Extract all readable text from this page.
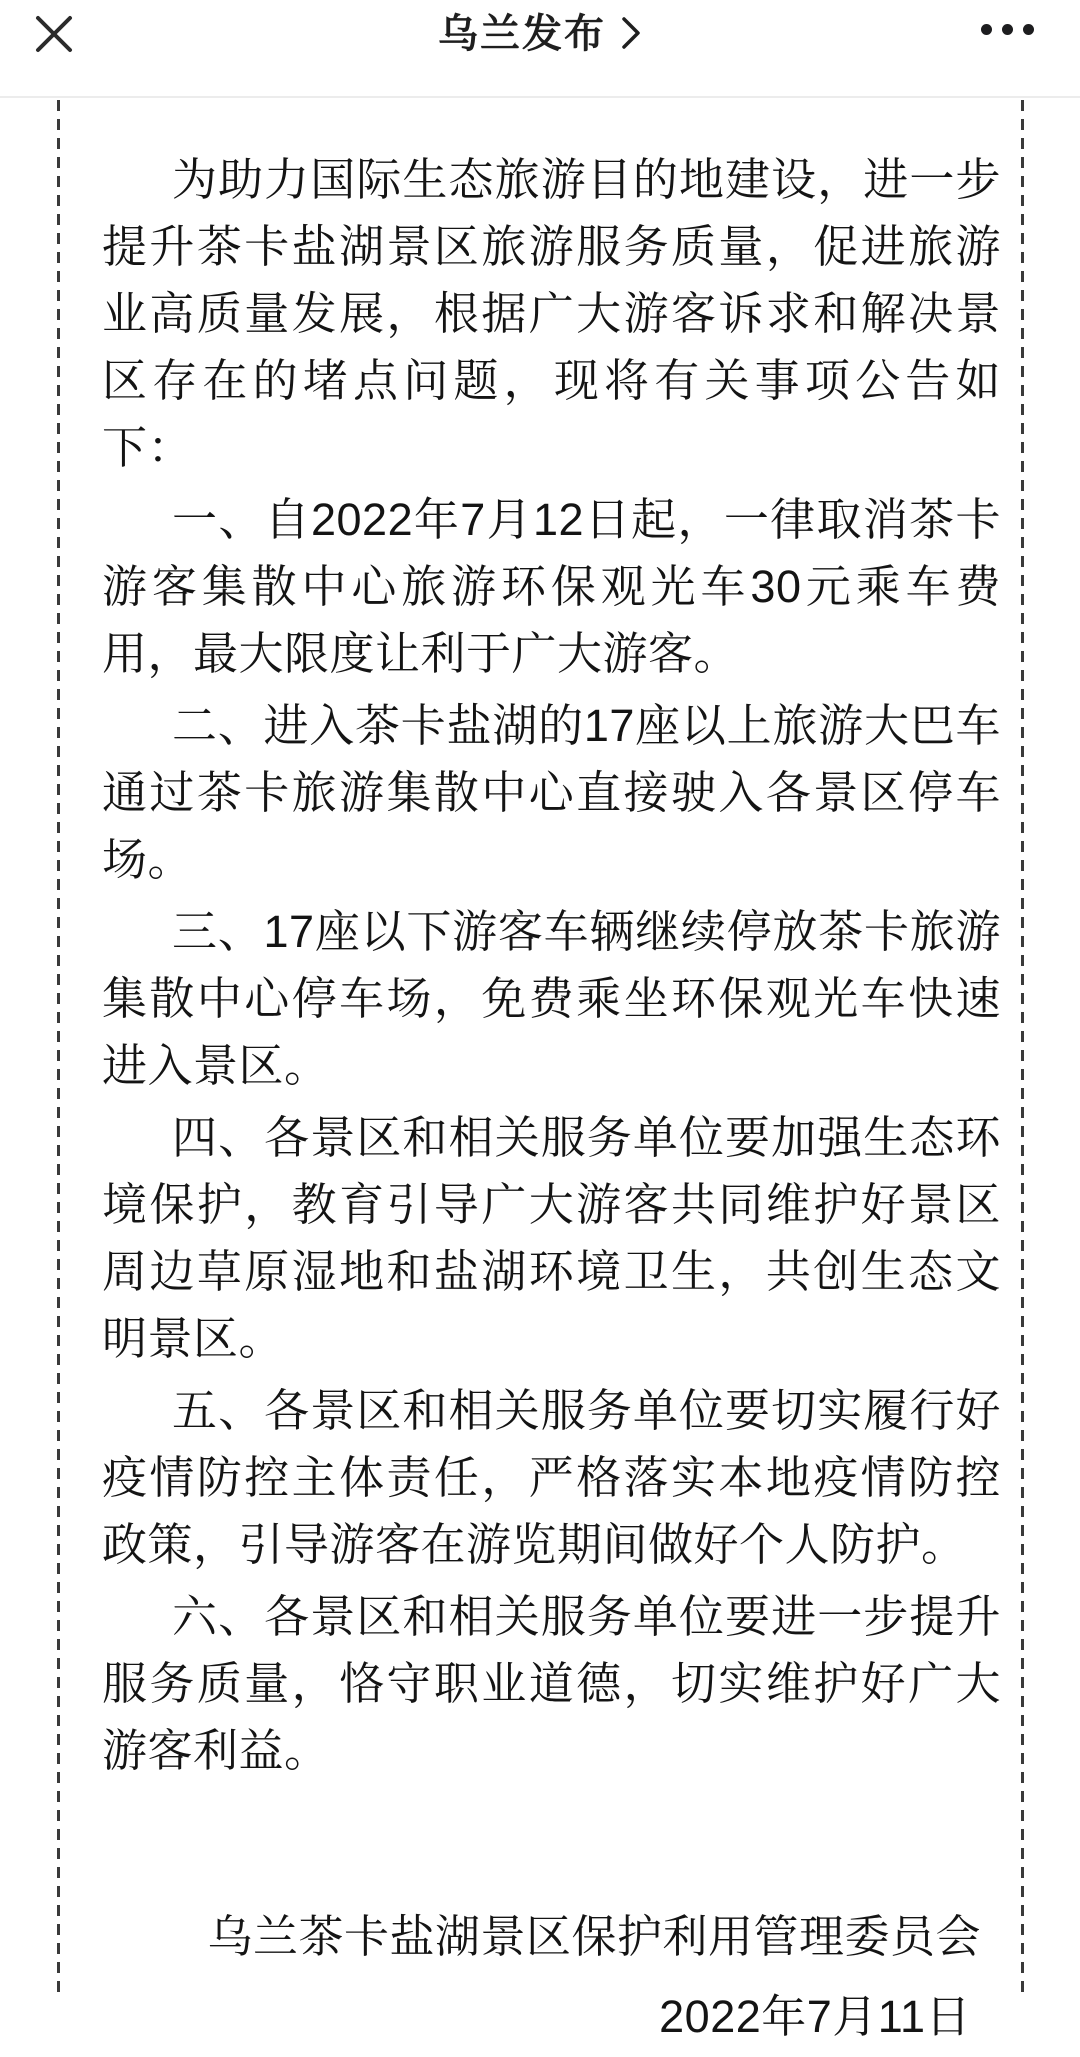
乌兰发布

为助力国际生态旅游目的地建设，进一步提升茶卡盐湖景区旅游服务质量，促进旅游业高质量发展，根据广大游客诉求和解决景区存在的堵点问题，现将有关事项公告如下：

一、自2022年7月12日起，一律取消茶卡游客集散中心旅游环保观光车30元乘车费用，最大限度让利于广大游客。

二、进入茶卡盐湖的17座以上旅游大巴车通过茶卡旅游集散中心直接驶入各景区停车场。

三、17座以下游客车辆继续停放茶卡旅游集散中心停车场，免费乘坐环保观光车快速进入景区。

四、各景区和相关服务单位要加强生态环境保护，教育引导广大游客共同维护好景区周边草原湿地和盐湖环境卫生，共创生态文明景区。

五、各景区和相关服务单位要切实履行好疫情防控主体责任，严格落实本地疫情防控政策，引导游客在游览期间做好个人防护。

六、各景区和相关服务单位要进一步提升服务质量，恪守职业道德，切实维护好广大游客利益。

乌兰茶卡盐湖景区保护利用管理委员会

2022年7月11日
